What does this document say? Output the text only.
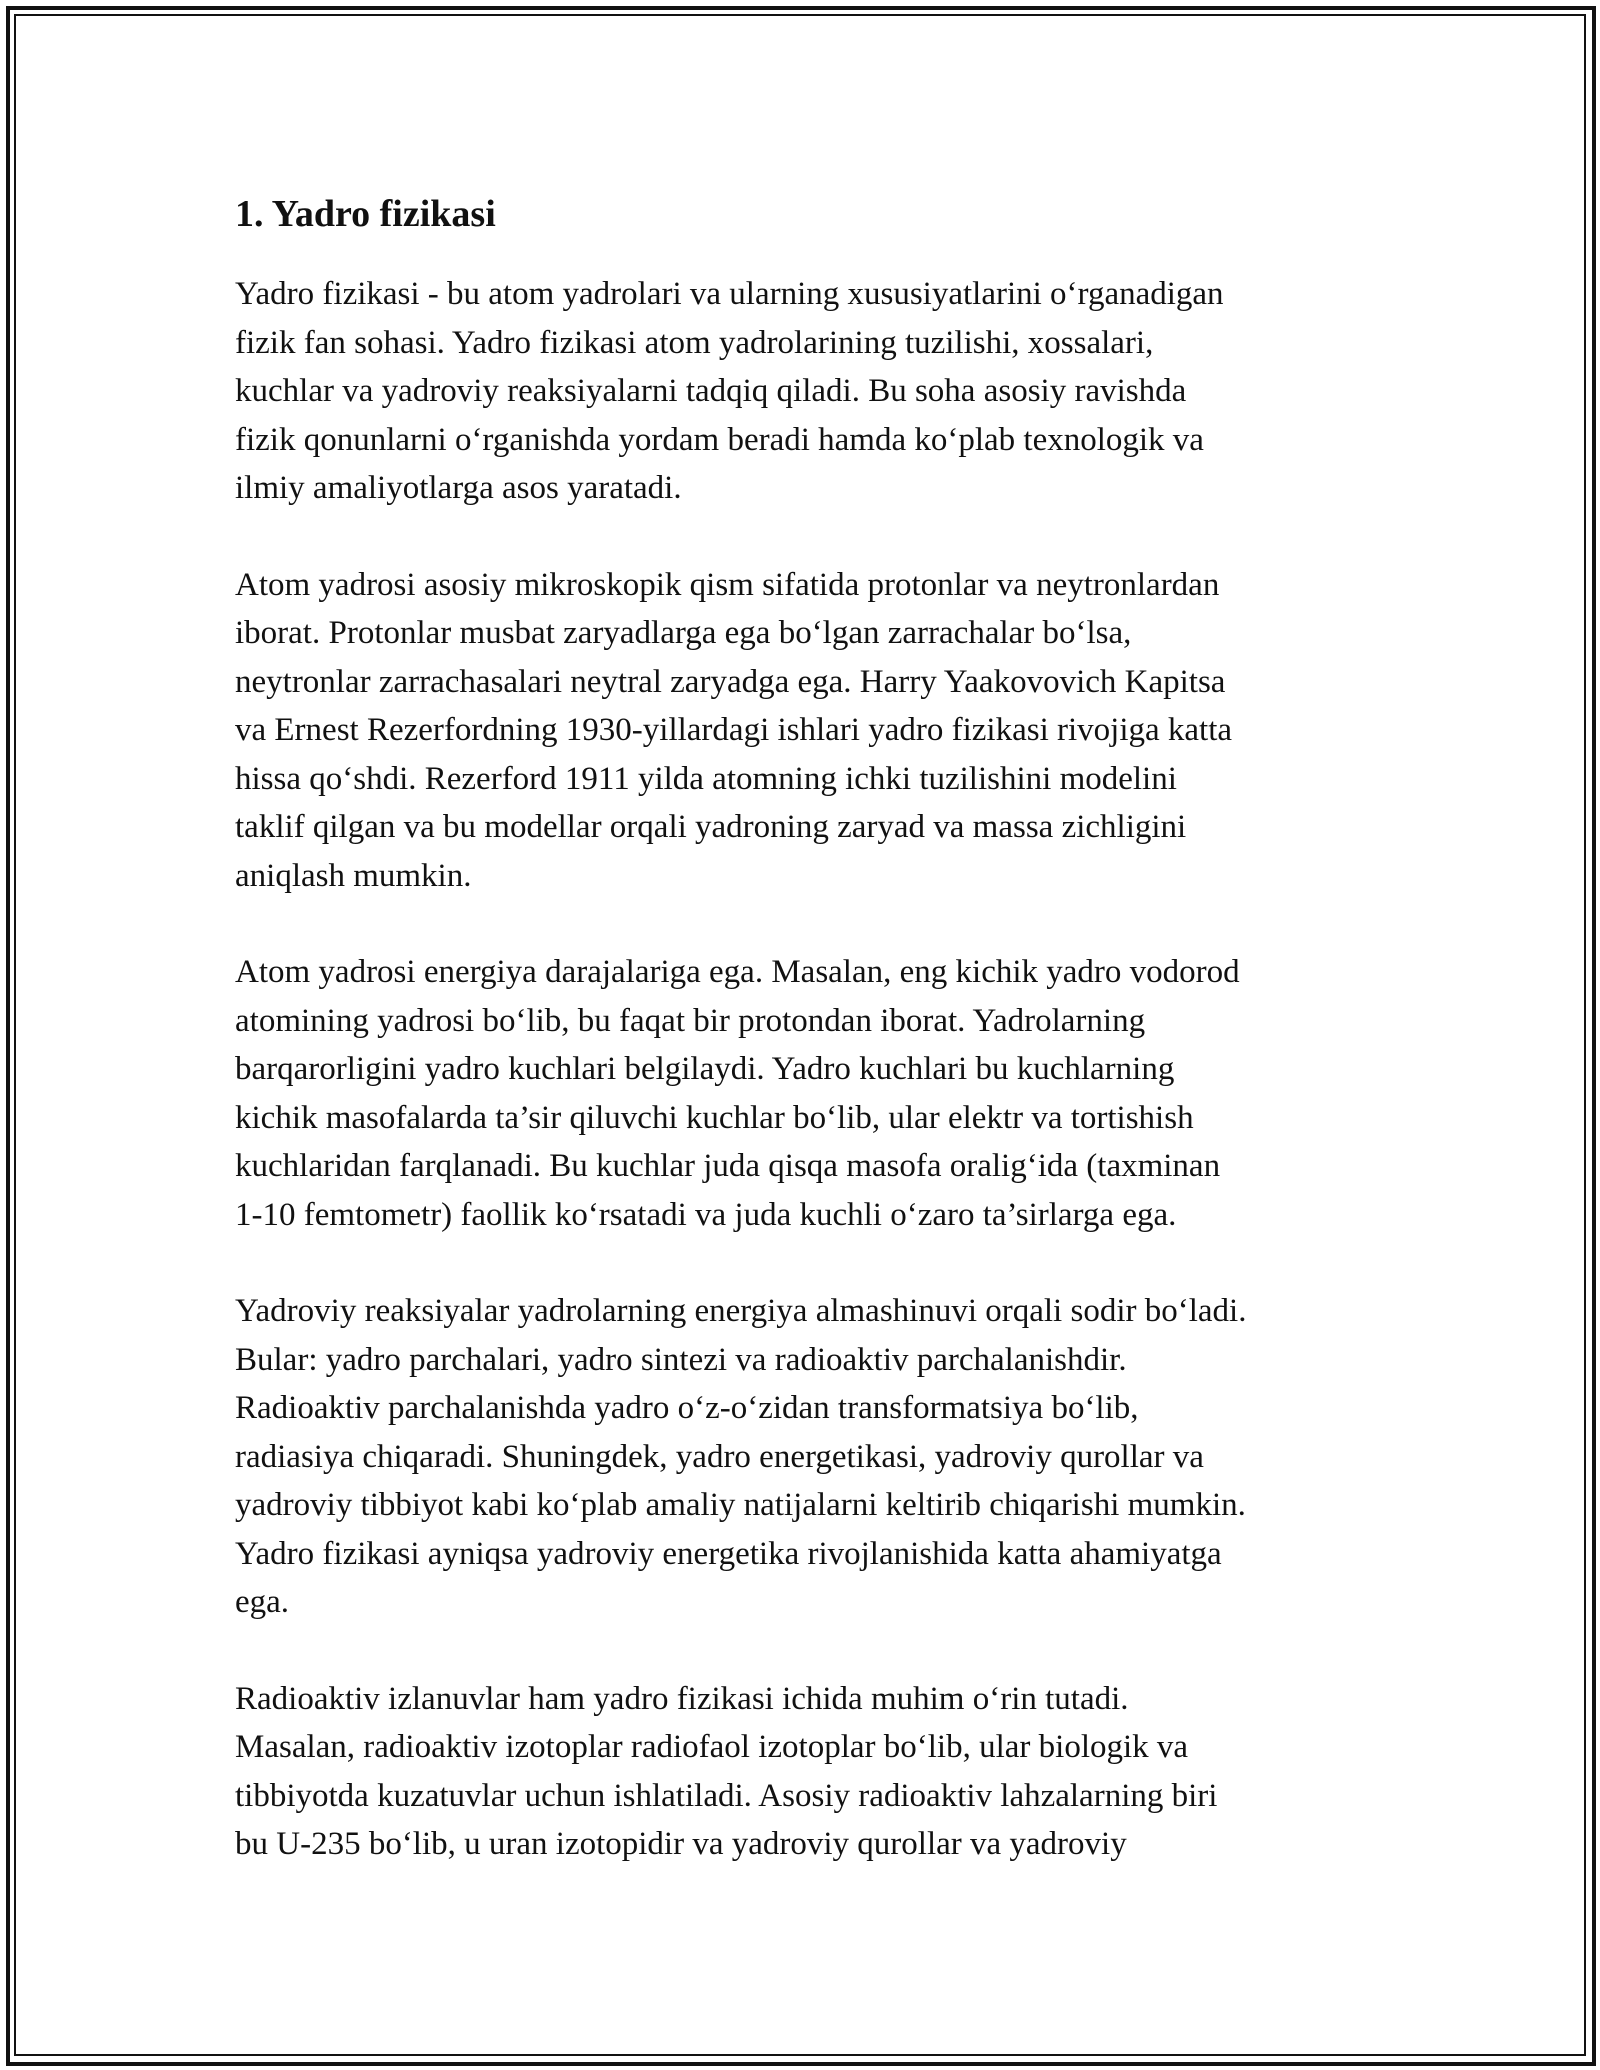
1. Yadro fizikasi

Yadro fizikasi - bu atom yadrolari va ularning xususiyatlarini o‘rganadigan
fizik fan sohasi. Yadro fizikasi atom yadrolarining tuzilishi, xossalari,
kuchlar va yadroviy reaksiyalarni tadqiq qiladi. Bu soha asosiy ravishda
fizik qonunlarni o‘rganishda yordam beradi hamda ko‘plab texnologik va
ilmiy amaliyotlarga asos yaratadi.

Atom yadrosi asosiy mikroskopik qism sifatida protonlar va neytronlardan
iborat. Protonlar musbat zaryadlarga ega bo‘lgan zarrachalar bo‘lsa,
neytronlar zarrachasalari neytral zaryadga ega. Harry Yaakovovich Kapitsa
va Ernest Rezerfordning 1930-yillardagi ishlari yadro fizikasi rivojiga katta
hissa qo‘shdi. Rezerford 1911 yilda atomning ichki tuzilishini modelini
taklif qilgan va bu modellar orqali yadroning zaryad va massa zichligini
aniqlash mumkin.

Atom yadrosi energiya darajalariga ega. Masalan, eng kichik yadro vodorod
atomining yadrosi bo‘lib, bu faqat bir protondan iborat. Yadrolarning
barqarorligini yadro kuchlari belgilaydi. Yadro kuchlari bu kuchlarning
kichik masofalarda ta’sir qiluvchi kuchlar bo‘lib, ular elektr va tortishish
kuchlaridan farqlanadi. Bu kuchlar juda qisqa masofa oralig‘ida (taxminan
1-10 femtometr) faollik ko‘rsatadi va juda kuchli o‘zaro ta’sirlarga ega.

Yadroviy reaksiyalar yadrolarning energiya almashinuvi orqali sodir bo‘ladi.
Bular: yadro parchalari, yadro sintezi va radioaktiv parchalanishdir.
Radioaktiv parchalanishda yadro o‘z-o‘zidan transformatsiya bo‘lib,
radiasiya chiqaradi. Shuningdek, yadro energetikasi, yadroviy qurollar va
yadroviy tibbiyot kabi ko‘plab amaliy natijalarni keltirib chiqarishi mumkin.
Yadro fizikasi ayniqsa yadroviy energetika rivojlanishida katta ahamiyatga
ega.

Radioaktiv izlanuvlar ham yadro fizikasi ichida muhim o‘rin tutadi.
Masalan, radioaktiv izotoplar radiofaol izotoplar bo‘lib, ular biologik va
tibbiyotda kuzatuvlar uchun ishlatiladi. Asosiy radioaktiv lahzalarning biri
bu U-235 bo‘lib, u uran izotopidir va yadroviy qurollar va yadroviy
